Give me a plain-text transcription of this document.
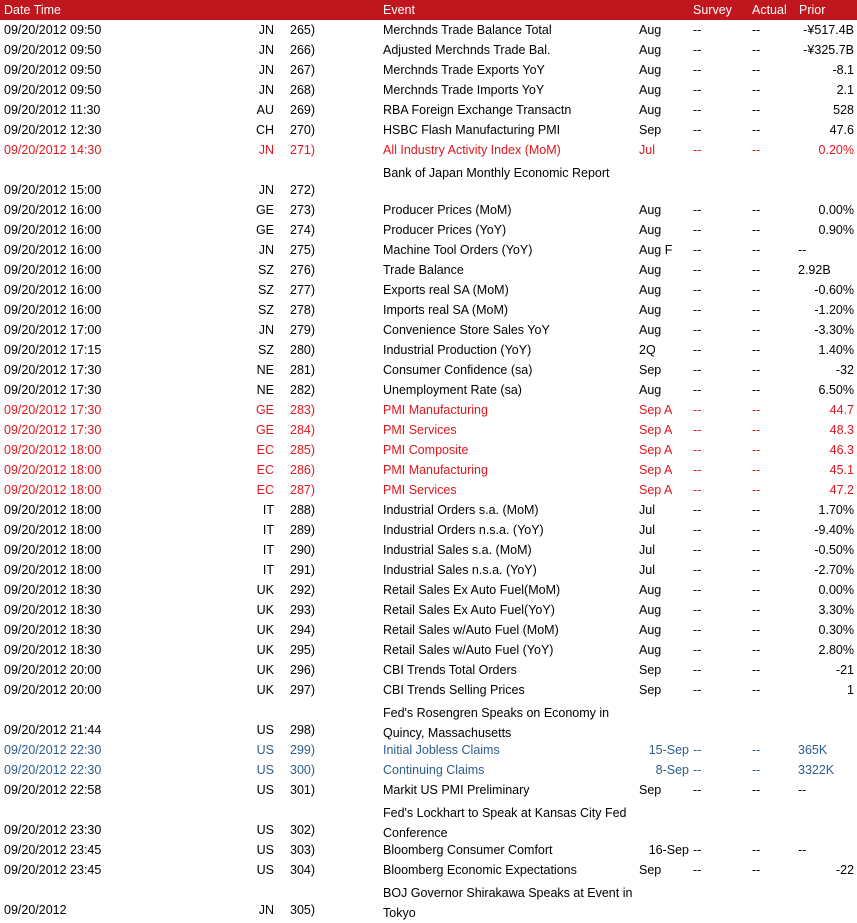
Date Time	Event	Survey Actual Prior
09/20/2012 09:50	JN 265)	Merchnds Trade Balance Total	Aug	--	--	-¥517.4B
09/20/2012 09:50	JN 266)	Adjusted Merchnds Trade Bal.	Aug	--	--	-¥325.7B
09/20/2012 09:50	JN 267)	Merchnds Trade Exports YoY	Aug	--	--	-8.1
09/20/2012 09:50	JN 268)	Merchnds Trade Imports YoY	Aug	--	--	2.1
09/20/2012 11:30	AU 269)	RBA Foreign Exchange Transactn	Aug	--	--	528
09/20/2012 12:30	CH 270)	HSBC Flash Manufacturing PMI	Sep	--	--	47.6
09/20/2012 14:30	JN 271)	All Industry Activity Index (MoM)	Jul	--	--	0.20%
09/20/2012 15:00	JN 272)
Bank of Japan Monthly Economic Report
09/20/2012 16:00	GE 273)	Producer Prices (MoM)	Aug	--	--	0.00%
09/20/2012 16:00	GE 274)	Producer Prices (YoY)	Aug	--	--	0.90%
09/20/2012 16:00	JN 275)	Machine Tool Orders (YoY)	Aug F	--	--	--
09/20/2012 16:00	SZ 276)	Trade Balance	Aug	--	--	2.92B
09/20/2012 16:00	SZ 277)	Exports real SA (MoM)	Aug	--	--	-0.60%
09/20/2012 16:00	SZ 278)	Imports real SA (MoM)	Aug	--	--	-1.20%
09/20/2012 17:00	JN 279)	Convenience Store Sales YoY	Aug	--	--	-3.30%
09/20/2012 17:15	SZ 280)	Industrial Production (YoY)	2Q	--	--	1.40%
09/20/2012 17:30	NE 281)	Consumer Confidence (sa)	Sep	--	--	-32
09/20/2012 17:30	NE 282)	Unemployment Rate (sa)	Aug	--	--	6.50%
09/20/2012 17:30	GE 283)	PMI Manufacturing	Sep A	--	--	44.7
09/20/2012 17:30	GE 284)	PMI Services	Sep A	--	--	48.3
09/20/2012 18:00	EC 285)	PMI Composite	Sep A	--	--	46.3
09/20/2012 18:00	EC 286)	PMI Manufacturing	Sep A	--	--	45.1
09/20/2012 18:00	EC 287)	PMI Services	Sep A	--	--	47.2
09/20/2012 18:00	IT 288)	Industrial Orders s.a. (MoM)	Jul	--	--	1.70%
09/20/2012 18:00	IT 289)	Industrial Orders n.s.a. (YoY)	Jul	--	--	-9.40%
09/20/2012 18:00	IT 290)	Industrial Sales s.a. (MoM)	Jul	--	--	-0.50%
09/20/2012 18:00	IT 291)	Industrial Sales n.s.a. (YoY)	Jul	--	--	-2.70%
09/20/2012 18:30	UK 292)	Retail Sales Ex Auto Fuel(MoM)	Aug	--	--	0.00%
09/20/2012 18:30	UK 293)	Retail Sales Ex Auto Fuel(YoY)	Aug	--	--	3.30%
09/20/2012 18:30	UK 294)	Retail Sales w/Auto Fuel (MoM)	Aug	--	--	0.30%
09/20/2012 18:30	UK 295)	Retail Sales w/Auto Fuel (YoY)	Aug	--	--	2.80%
09/20/2012 20:00	UK 296)	CBI Trends Total Orders	Sep	--	--	-21
09/20/2012 20:00	UK 297)	CBI Trends Selling Prices	Sep	--	--	1
09/20/2012 21:44	US 298)
Fed's Rosengren Speaks on Economy in Quincy, Massachusetts
09/20/2012 22:30	US 299)	Initial Jobless Claims	15-Sep --	--	365K
09/20/2012 22:30	US 300)	Continuing Claims	8-Sep --	--	3322K
09/20/2012 22:58	US 301)	Markit US PMI Preliminary	Sep	--	--	--
09/20/2012 23:30	US 302)
Fed's Lockhart to Speak at Kansas City Fed Conference
09/20/2012 23:45	US 303)	Bloomberg Consumer Comfort	16-Sep --	--	--
09/20/2012 23:45	US 304)	Bloomberg Economic Expectations	Sep	--	--	-22
09/20/2012	JN 305)
BOJ Governor Shirakawa Speaks at Event in Tokyo
